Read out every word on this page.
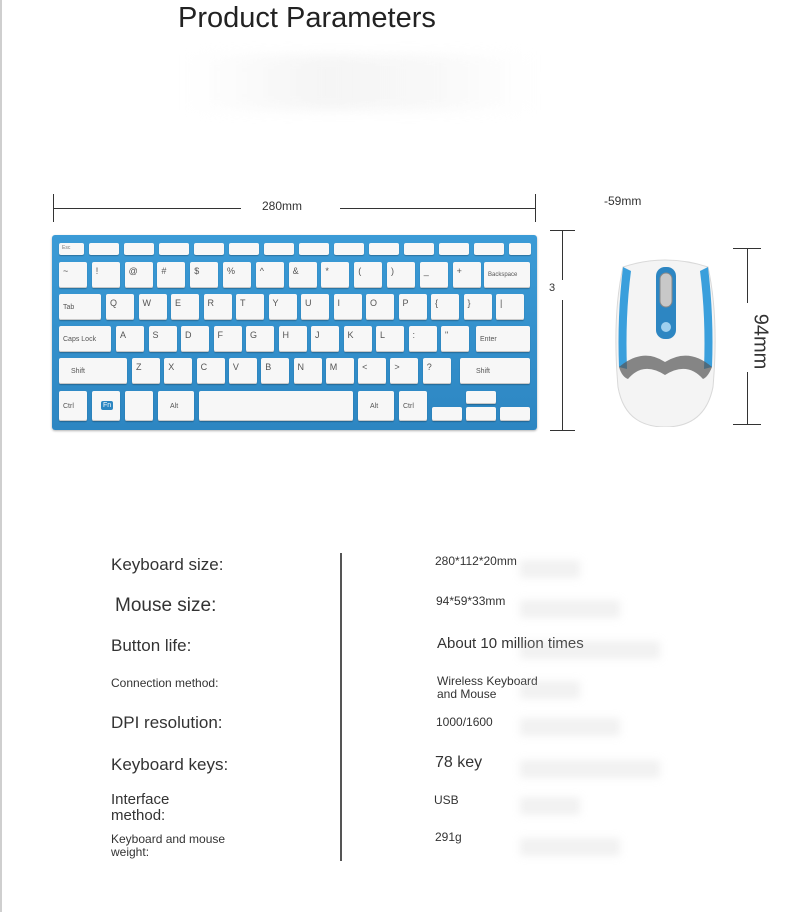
Product Parameters
280mm
3
-59mm
94mm
Esc
~	!	@	#	$	%	^	&	*	(	)	_	+	Backspace
Tab	Q	W	E	R	T	Y	U	I	O	P	{	}	|
Caps Lock	A	S	D	F	G	H	J	K	L	:	"	Enter
Shift	Z	X	C	V	B	N	M	<	>	?	Shift
Ctrl	Fn	Alt	Alt	Ctrl
Keyboard size:	280*112*20mm
Mouse size:	94*59*33mm
Button life:	About 10 million times
Connection method:	Wireless Keyboard and Mouse
DPI resolution:	1000/1600
Keyboard keys:	78 key
Interface method:
USB
Keyboard and mouse weight:
291g
